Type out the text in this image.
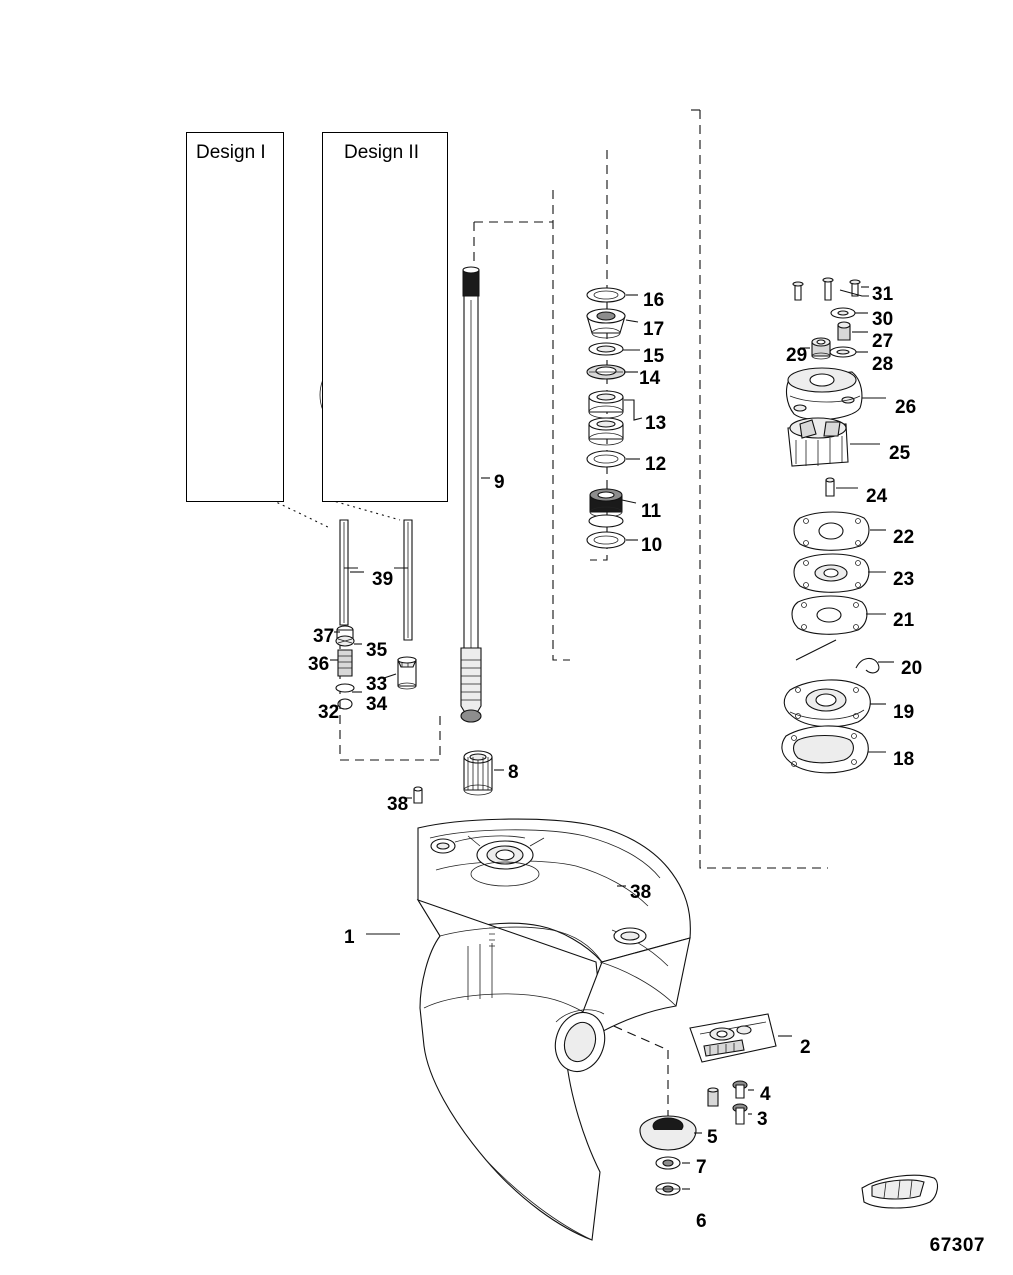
Design I	Design II
1
2
3
4
5
6
7
8
9
10
11
12
13
14
15
16
17
18
19
20
21
22
23
24
25
26
27
28
29
30
31
32
33
34
35
36
37
38
38
39
67307
